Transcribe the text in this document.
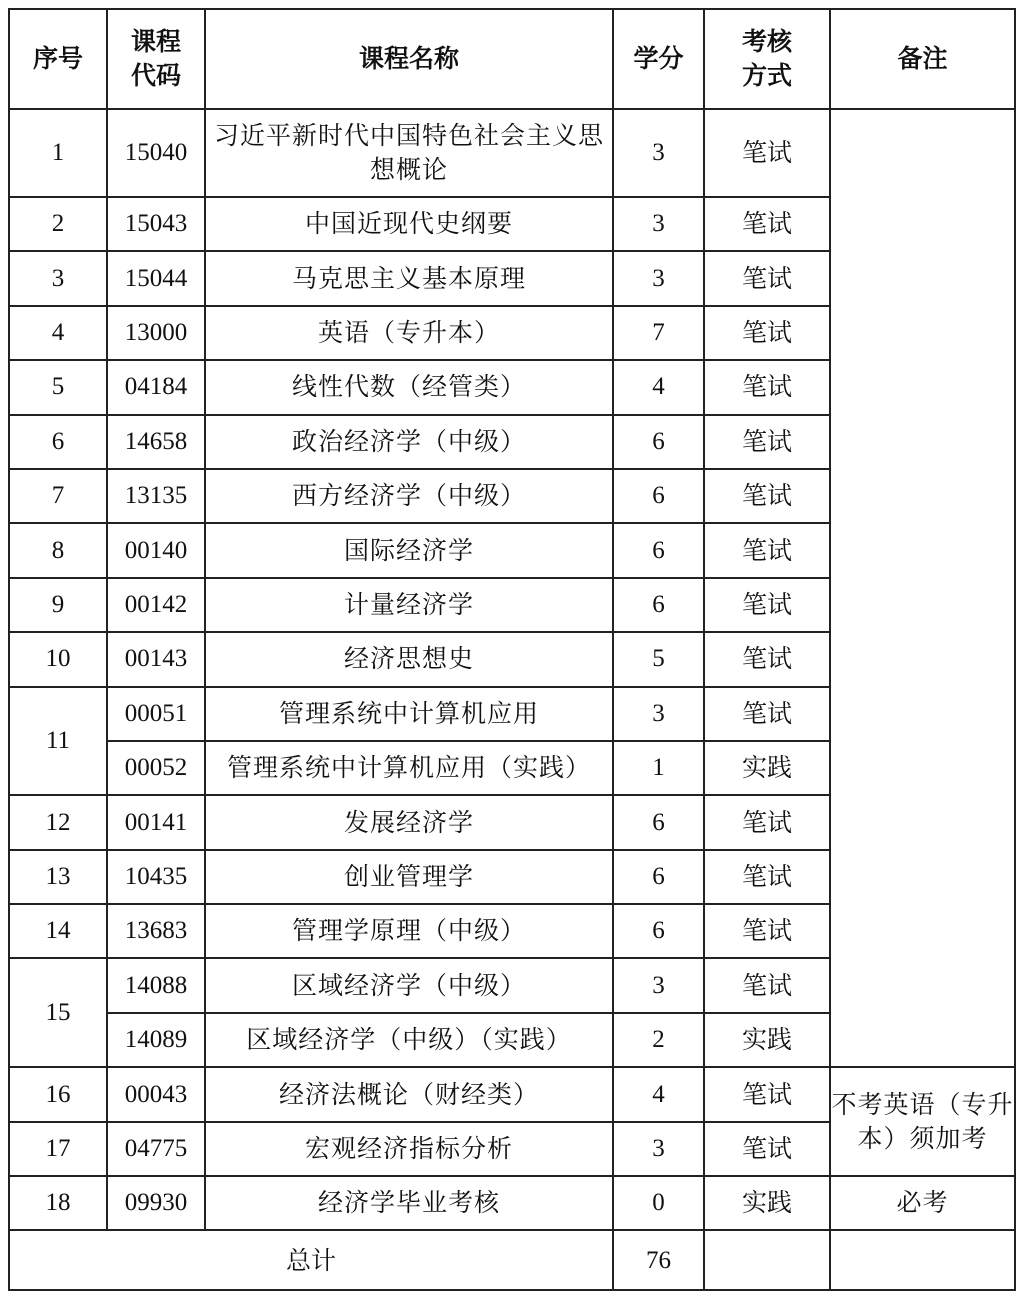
序号	课程代码	课程名称	学分	考核方式	备注
1	15040	习近平新时代中国特色社会主义思想概论	3	笔试	
2	15043	中国近现代史纲要	3	笔试	
3	15044	马克思主义基本原理	3	笔试	
4	13000	英语（专升本）	7	笔试	
5	04184	线性代数（经管类）	4	笔试	
6	14658	政治经济学（中级）	6	笔试	
7	13135	西方经济学（中级）	6	笔试	
8	00140	国际经济学	6	笔试	
9	00142	计量经济学	6	笔试	
10	00143	经济思想史	5	笔试	
11	00051	管理系统中计算机应用	3	笔试	
	00052	管理系统中计算机应用（实践）	1	实践	
12	00141	发展经济学	6	笔试	
13	10435	创业管理学	6	笔试	
14	13683	管理学原理（中级）	6	笔试	
15	14088	区域经济学（中级）	3	笔试	
	14089	区域经济学（中级）（实践）	2	实践	
16	00043	经济法概论（财经类）	4	笔试	不考英语（专升本）须加考
17	04775	宏观经济指标分析	3	笔试	
18	09930	经济学毕业考核	0	实践	必考
总计			76		
